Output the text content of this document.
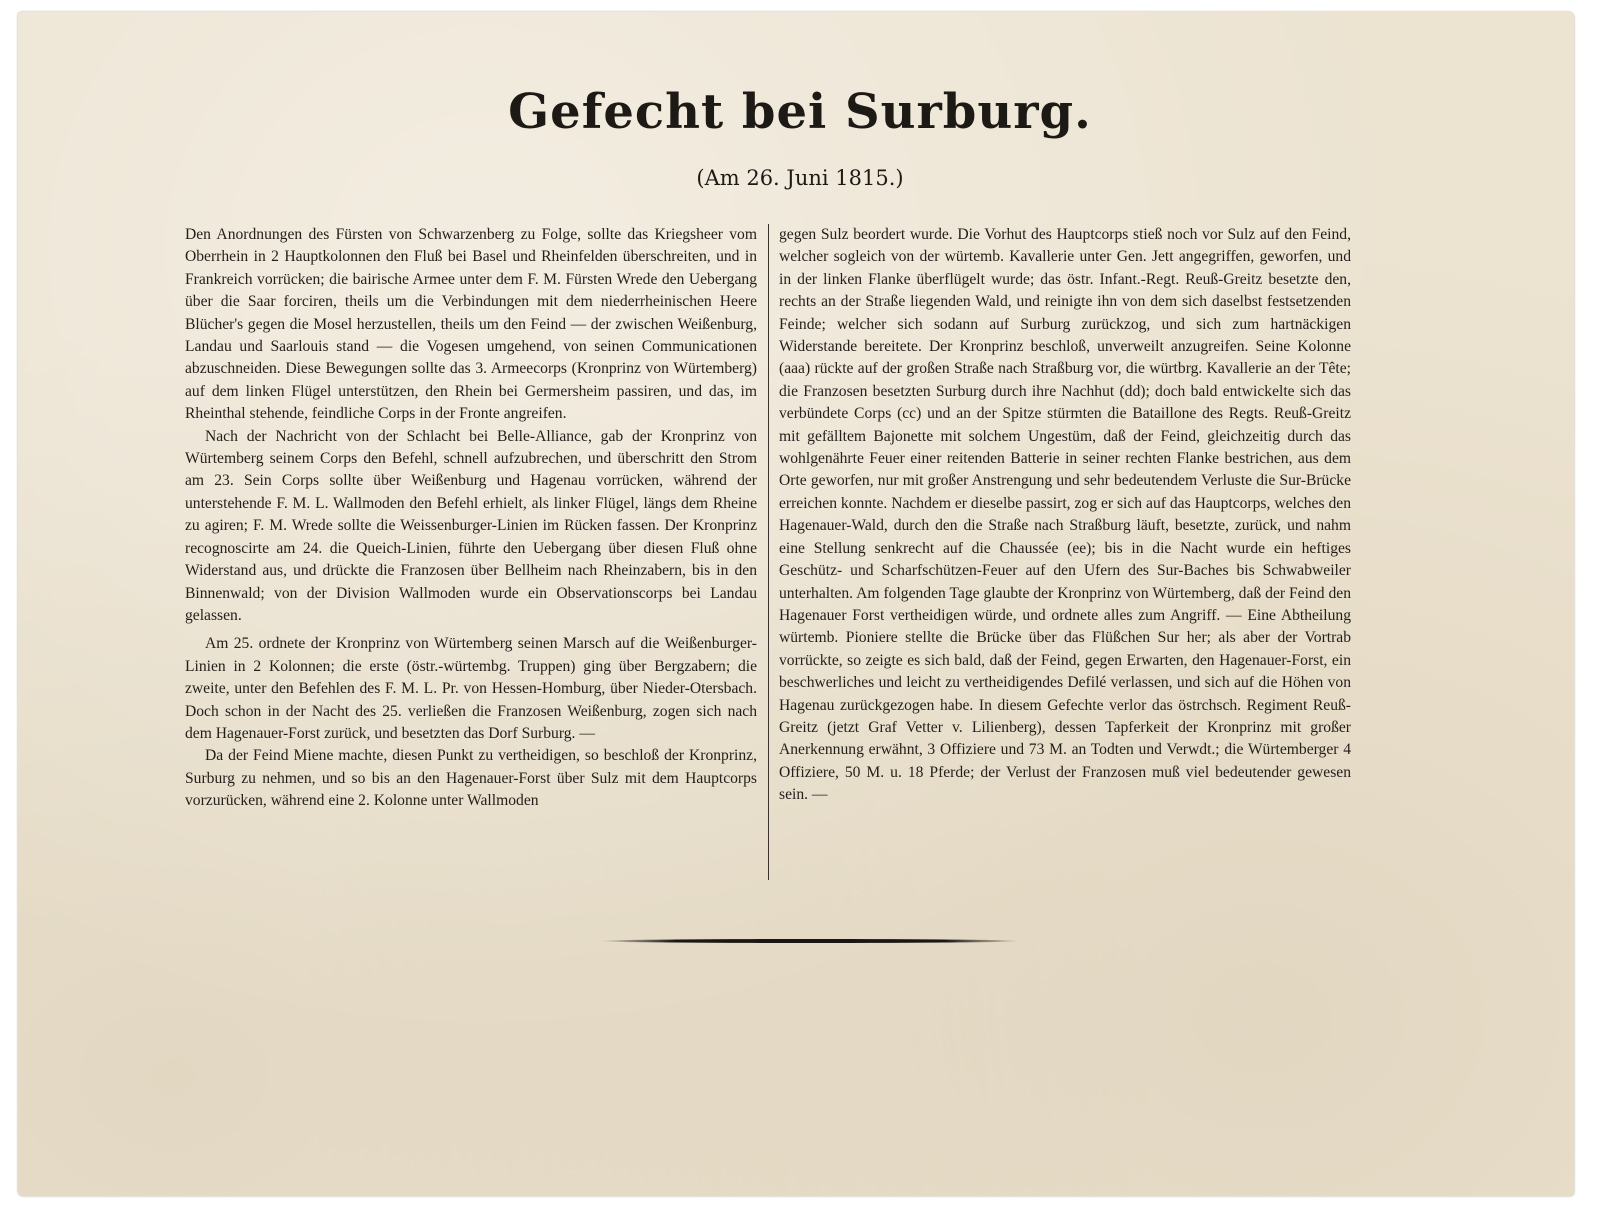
Gefecht bei Surburg.
(Am 26. Juni 1815.)

Den Anordnungen des Fürsten von Schwarzenberg zu Folge, sollte das Kriegsheer vom Oberrhein in 2 Hauptkolonnen den Fluß bei Basel und Rheinfelden überschreiten, und in Frankreich vorrücken; die bairische Armee unter dem F. M. Fürsten Wrede den Uebergang über die Saar forciren, theils um die Verbindungen mit dem niederrheinischen Heere Blücher's gegen die Mosel herzustellen, theils um den Feind — der zwischen Weißenburg, Landau und Saarlouis stand — die Vogesen umgehend, von seinen Communicationen abzuschneiden. Diese Bewegungen sollte das 3. Armeecorps (Kronprinz von Würtemberg) auf dem linken Flügel unterstützen, den Rhein bei Germersheim passiren, und das, im Rheinthal stehende, feindliche Corps in der Fronte angreifen.

Nach der Nachricht von der Schlacht bei Belle-Alliance, gab der Kronprinz von Würtemberg seinem Corps den Befehl, schnell aufzubrechen, und überschritt den Strom am 23. Sein Corps sollte über Weißenburg und Hagenau vorrücken, während der unterstehende F. M. L. Wallmoden den Befehl erhielt, als linker Flügel, längs dem Rheine zu agiren; F. M. Wrede sollte die Weissenburger-Linien im Rücken fassen. Der Kronprinz recognoscirte am 24. die Queich-Linien, führte den Uebergang über diesen Fluß ohne Widerstand aus, und drückte die Franzosen über Bellheim nach Rheinzabern, bis in den Binnenwald; von der Division Wallmoden wurde ein Observationscorps bei Landau gelassen.

Am 25. ordnete der Kronprinz von Würtemberg seinen Marsch auf die Weißenburger-Linien in 2 Kolonnen; die erste (östr.-würtembg. Truppen) ging über Bergzabern; die zweite, unter den Befehlen des F. M. L. Pr. von Hessen-Homburg, über Nieder-Otersbach. Doch schon in der Nacht des 25. verließen die Franzosen Weißenburg, zogen sich nach dem Hagenauer-Forst zurück, und besetzten das Dorf Surburg. —

Da der Feind Miene machte, diesen Punkt zu vertheidigen, so beschloß der Kronprinz, Surburg zu nehmen, und so bis an den Hagenauer-Forst über Sulz mit dem Hauptcorps vorzurücken, während eine 2. Kolonne unter Wallmoden

gegen Sulz beordert wurde. Die Vorhut des Hauptcorps stieß noch vor Sulz auf den Feind, welcher sogleich von der würtemb. Kavallerie unter Gen. Jett angegriffen, geworfen, und in der linken Flanke überflügelt wurde; das östr. Infant.-Regt. Reuß-Greitz besetzte den, rechts an der Straße liegenden Wald, und reinigte ihn von dem sich daselbst festsetzenden Feinde; welcher sich sodann auf Surburg zurückzog, und sich zum hartnäckigen Widerstande bereitete. Der Kronprinz beschloß, unverweilt anzugreifen. Seine Kolonne (aaa) rückte auf der großen Straße nach Straßburg vor, die würtbrg. Kavallerie an der Tête; die Franzosen besetzten Surburg durch ihre Nachhut (dd); doch bald entwickelte sich das verbündete Corps (cc) und an der Spitze stürmten die Bataillone des Regts. Reuß-Greitz mit gefälltem Bajonette mit solchem Ungestüm, daß der Feind, gleichzeitig durch das wohlgenährte Feuer einer reitenden Batterie in seiner rechten Flanke bestrichen, aus dem Orte geworfen, nur mit großer Anstrengung und sehr bedeutendem Verluste die Sur-Brücke erreichen konnte. Nachdem er dieselbe passirt, zog er sich auf das Hauptcorps, welches den Hagenauer-Wald, durch den die Straße nach Straßburg läuft, besetzte, zurück, und nahm eine Stellung senkrecht auf die Chaussée (ee); bis in die Nacht wurde ein heftiges Geschütz- und Scharfschützen-Feuer auf den Ufern des Sur-Baches bis Schwabweiler unterhalten. Am folgenden Tage glaubte der Kronprinz von Würtemberg, daß der Feind den Hagenauer Forst vertheidigen würde, und ordnete alles zum Angriff. — Eine Abtheilung würtemb. Pioniere stellte die Brücke über das Flüßchen Sur her; als aber der Vortrab vorrückte, so zeigte es sich bald, daß der Feind, gegen Erwarten, den Hagenauer-Forst, ein beschwerliches und leicht zu vertheidigendes Defilé verlassen, und sich auf die Höhen von Hagenau zurückgezogen habe. In diesem Gefechte verlor das östrchsch. Regiment Reuß-Greitz (jetzt Graf Vetter v. Lilienberg), dessen Tapferkeit der Kronprinz mit großer Anerkennung erwähnt, 3 Offiziere und 73 M. an Todten und Verwdt.; die Würtemberger 4 Offiziere, 50 M. u. 18 Pferde; der Verlust der Franzosen muß viel bedeutender gewesen sein. —
